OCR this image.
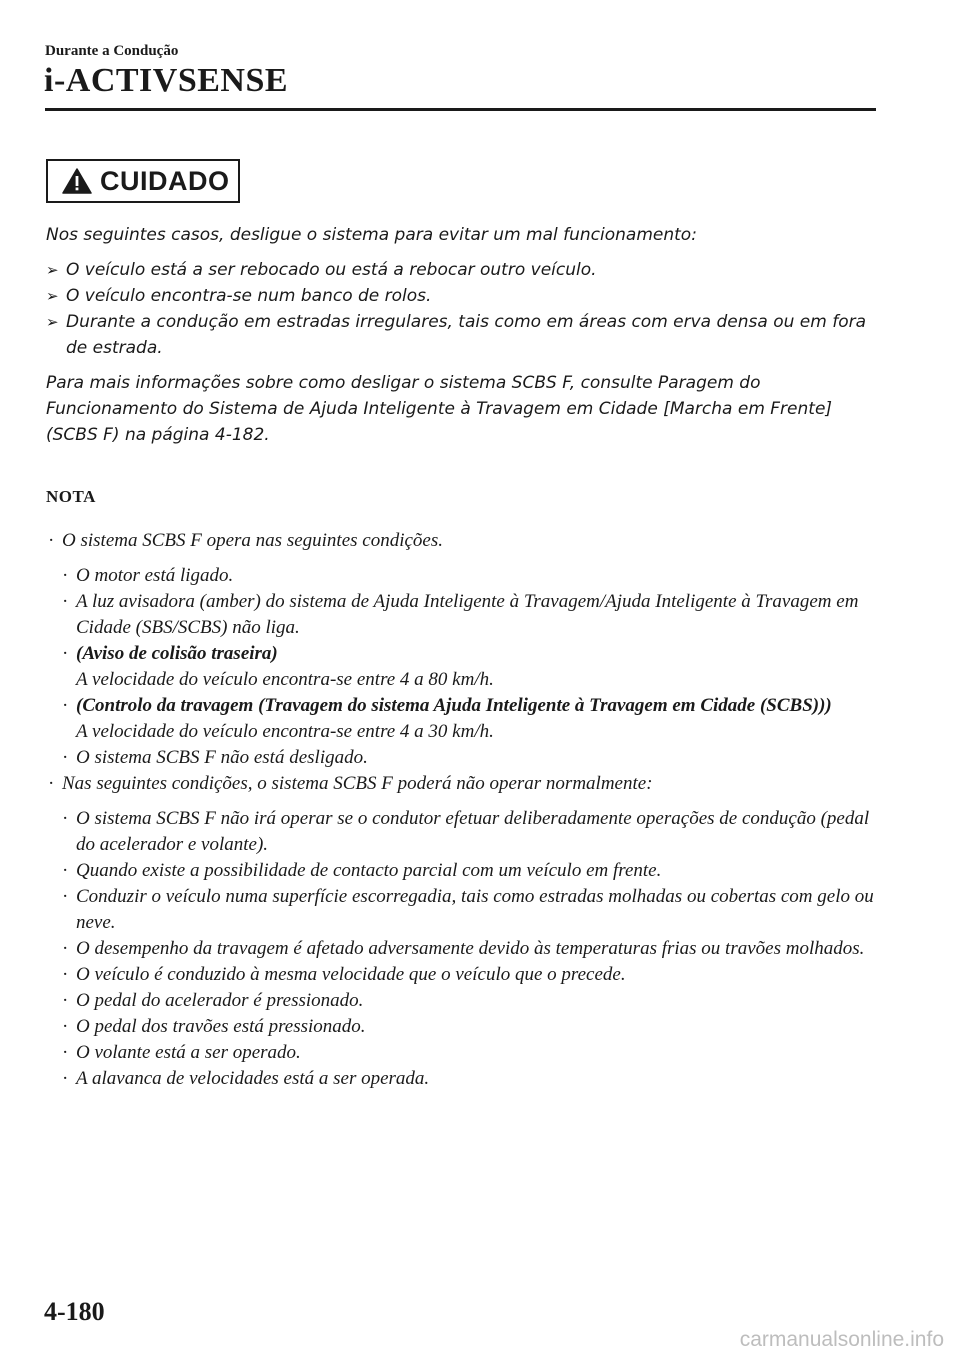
Durante a Condução
i-ACTIVSENSE
CUIDADO

Nos seguintes casos, desligue o sistema para evitar um mal funcionamento:

➢ O veículo está a ser rebocado ou está a rebocar outro veículo.
➢ O veículo encontra-se num banco de rolos.
➢ Durante a condução em estradas irregulares, tais como em áreas com erva densa ou em fora de estrada.

Para mais informações sobre como desligar o sistema SCBS F, consulte Paragem do Funcionamento do Sistema de Ajuda Inteligente à Travagem em Cidade [Marcha em Frente] (SCBS F) na página 4-182.

NOTA
· O sistema SCBS F opera nas seguintes condições.
· O motor está ligado.
· A luz avisadora (amber) do sistema de Ajuda Inteligente à Travagem/Ajuda Inteligente à Travagem em Cidade (SBS/SCBS) não liga.
· (Aviso de colisão traseira)
A velocidade do veículo encontra-se entre 4 a 80 km/h.
· (Controlo da travagem (Travagem do sistema Ajuda Inteligente à Travagem em Cidade (SCBS)))
A velocidade do veículo encontra-se entre 4 a 30 km/h.
· O sistema SCBS F não está desligado.
· Nas seguintes condições, o sistema SCBS F poderá não operar normalmente:
· O sistema SCBS F não irá operar se o condutor efetuar deliberadamente operações de condução (pedal do acelerador e volante).
· Quando existe a possibilidade de contacto parcial com um veículo em frente.
· Conduzir o veículo numa superfície escorregadia, tais como estradas molhadas ou cobertas com gelo ou neve.
· O desempenho da travagem é afetado adversamente devido às temperaturas frias ou travões molhados.
· O veículo é conduzido à mesma velocidade que o veículo que o precede.
· O pedal do acelerador é pressionado.
· O pedal dos travões está pressionado.
· O volante está a ser operado.
· A alavanca de velocidades está a ser operada.
4-180
carmanualsonline.info
